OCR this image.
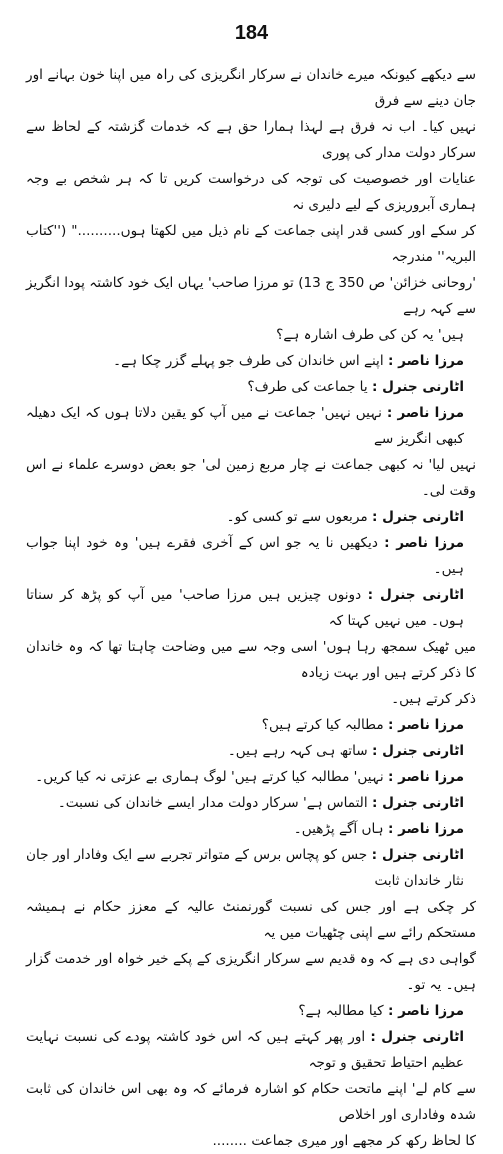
184
سے دیکھے کیونکہ میرے خاندان نے سرکار انگریزی کی راہ میں اپنا خون بہانے اور جان دینے سے فرق
نہیں کیا۔ اب نہ فرق ہے لہذا ہمارا حق ہے کہ خدمات گزشتہ کے لحاظ سے سرکار دولت مدار کی پوری
عنایات اور خصوصیت کی توجہ کی درخواست کریں تا کہ ہر شخص بے وجہ ہماری آبروریزی کے لیے دلیری نہ
کر سکے اور کسی قدر اپنی جماعت کے نام ذیل میں لکھتا ہوں.........." (''کتاب البریہ'' مندرجہ
'روحانی خزائن' ص 350 ج 13) تو مرزا صاحب' یہاں ایک خود کاشتہ پودا انگریز سے کہہ رہے
ہیں' یہ کن کی طرف اشارہ ہے؟
مرزا ناصر : اپنے اس خاندان کی طرف جو پہلے گزر چکا ہے۔
اٹارنی جنرل : یا جماعت کی طرف؟
مرزا ناصر : نہیں نہیں' جماعت نے میں آپ کو یقین دلاتا ہوں کہ ایک دھیلہ کبھی انگریز سے
نہیں لیا' نہ کبھی جماعت نے چار مربع زمین لی' جو بعض دوسرے علماء نے اس وقت لی۔
اٹارنی جنرل : مربعوں سے تو کسی کو۔
مرزا ناصر : دیکھیں نا یہ جو اس کے آخری فقرے ہیں' وہ خود اپنا جواب ہیں۔
اٹارنی جنرل : دونوں چیزیں ہیں مرزا صاحب' میں آپ کو پڑھ کر سناتا ہوں۔ میں نہیں کہتا کہ
میں ٹھیک سمجھ رہا ہوں' اسی وجہ سے میں وضاحت چاہتا تھا کہ وہ خاندان کا ذکر کرتے ہیں اور بہت زیادہ
ذکر کرتے ہیں۔
مرزا ناصر : مطالبہ کیا کرتے ہیں؟
اٹارنی جنرل : ساتھ ہی کہہ رہے ہیں۔
مرزا ناصر : نہیں' مطالبہ کیا کرتے ہیں' لوگ ہماری بے عزتی نہ کیا کریں۔
اٹارنی جنرل : التماس ہے' سرکار دولت مدار ایسے خاندان کی نسبت۔
مرزا ناصر : ہاں آگے پڑھیں۔
اٹارنی جنرل : جس کو پچاس برس کے متواتر تجربے سے ایک وفادار اور جان نثار خاندان ثابت
کر چکی ہے اور جس کی نسبت گورنمنٹ عالیہ کے معزز حکام نے ہمیشہ مستحکم رائے سے اپنی چٹھیات میں یہ
گواہی دی ہے کہ وہ قدیم سے سرکار انگریزی کے پکے خیر خواہ اور خدمت گزار ہیں۔ یہ تو۔
مرزا ناصر : کیا مطالبہ ہے؟
اٹارنی جنرل : اور پھر کہتے ہیں کہ اس خود کاشتہ پودے کی نسبت نہایت عظیم احتیاط تحقیق و توجہ
سے کام لے' اپنے ماتحت حکام کو اشارہ فرمائے کہ وہ بھی اس خاندان کی ثابت شدہ وفاداری اور اخلاص
کا لحاظ رکھ کر مجھے اور میری جماعت ........
